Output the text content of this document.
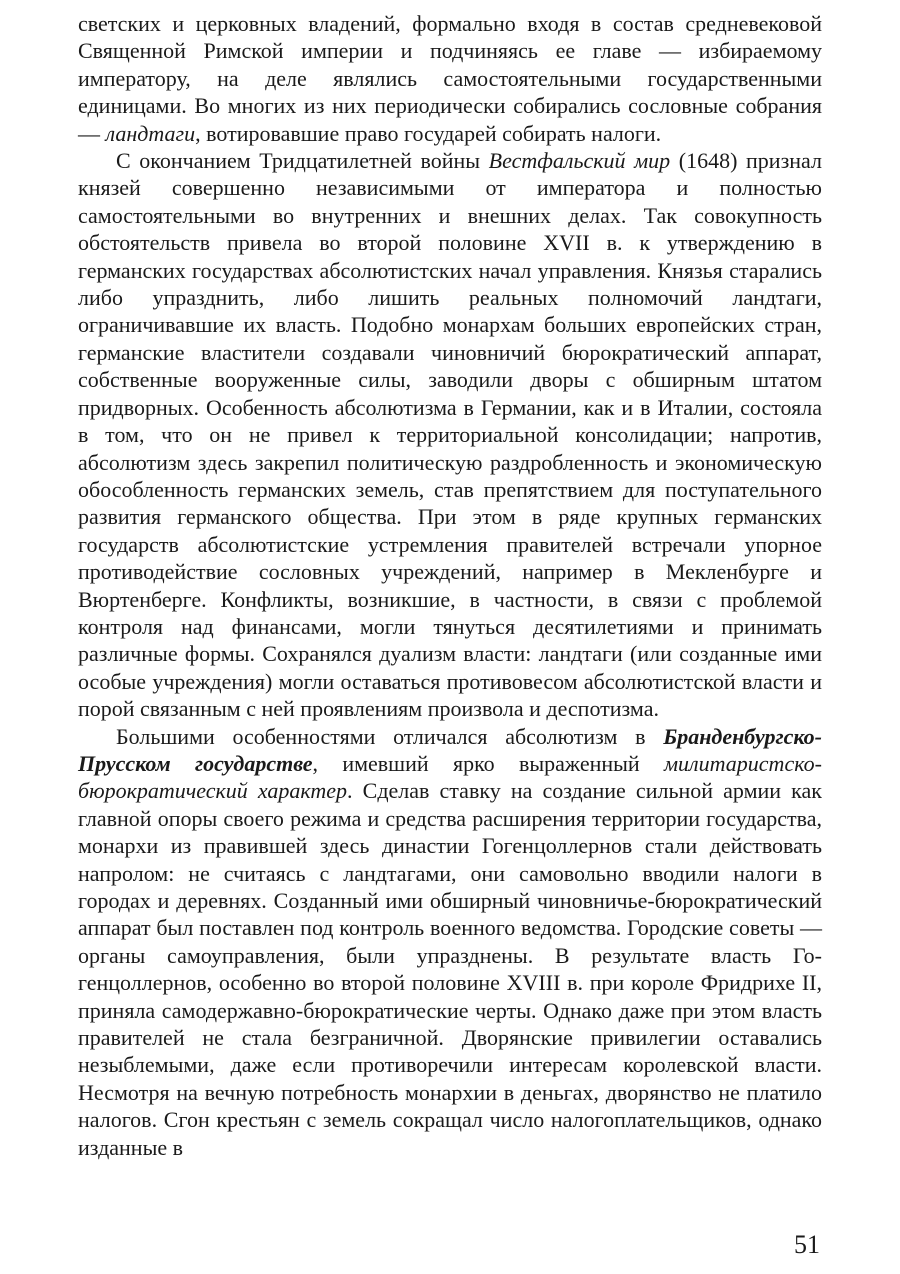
светских и церковных владений, формально входя в состав средневековой Священной Римской империи и подчиняясь ее главе — избираемому императору, на деле являлись самостоятельными государственными единицами. Во многих из них периодически собирались сословные собрания — ландтаги, вотировавшие право государей собирать налоги.

С окончанием Тридцатилетней войны Вестфальский мир (1648) признал князей совершенно независимыми от императора и полностью самостоятельными во внутренних и внешних делах. Так совокупность обстоятельств привела во второй половине XVII в. к утверждению в германских государствах абсолютистских начал управления. Князья старались либо упразднить, либо лишить реальных полномочий ландтаги, ограничивавшие их власть. Подобно монархам больших европейских стран, германские властители создавали чиновничий бюрократический аппарат, собственные вооруженные силы, заводили дворы с обширным штатом придворных. Особенность абсолютизма в Германии, как и в Италии, состояла в том, что он не привел к территориальной консолидации; напротив, абсолютизм здесь закрепил политическую раздробленность и экономическую обособленность германских земель, став препятствием для поступательного развития германского общества. При этом в ряде крупных германских государств абсолютистские устремления правителей встречали упорное противодействие сословных учреждений, например в Мекленбурге и Вюртенберге. Конфликты, возникшие, в частности, в связи с проблемой контроля над финансами, могли тянуться десятилетиями и принимать различные формы. Сохранялся дуализм власти: ландтаги (или созданные ими особые учреждения) могли оставаться противовесом абсолютистской власти и порой связанным с ней проявлениям произвола и деспотизма.

Большими особенностями отличался абсолютизм в Бранденбургско-Прусском государстве, имевший ярко выраженный милитаристско-бюрократический характер. Сделав ставку на создание сильной армии как главной опоры своего режима и средства расширения территории государства, монархи из правившей здесь династии Гогенцоллернов стали действовать напролом: не считаясь с ландтагами, они самовольно вводили налоги в городах и деревнях. Созданный ими обширный чиновничье-бюрократический аппарат был поставлен под контроль военного ведомства. Городские советы — органы самоуправления, были упразднены. В результате власть Гогенцоллернов, особенно во второй половине XVIII в. при короле Фридрихе II, приняла самодержавно-бюрократические черты. Однако даже при этом власть правителей не стала безграничной. Дворянские привилегии оставались незыблемыми, даже если противоречили интересам королевской власти. Несмотря на вечную потребность монархии в деньгах, дворянство не платило налогов. Сгон крестьян с земель сокращал число налогоплательщиков, однако изданные в

51
